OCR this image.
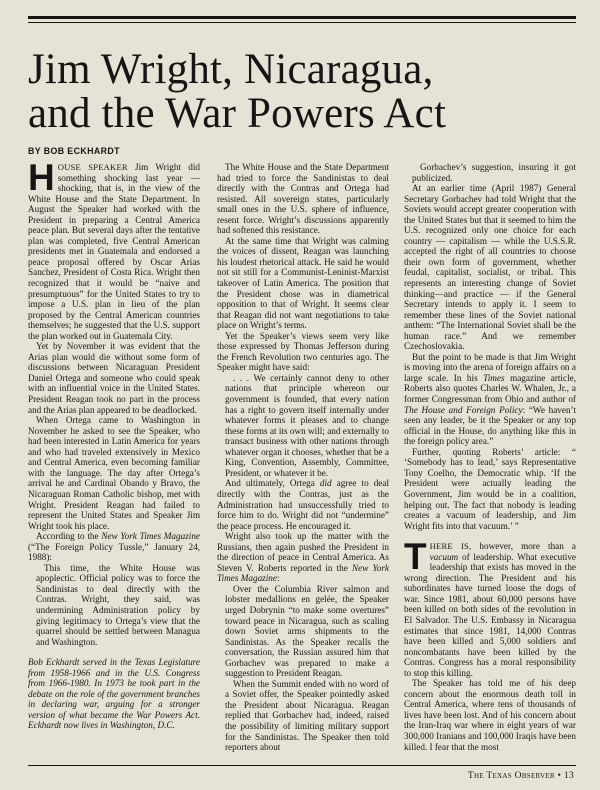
Jim Wright, Nicaragua,
and the War Powers Act
BY BOB ECKHARDT

HOUSE SPEAKER Jim Wright did something shocking last year — shocking, that is, in the view of the White House and the State Department. In August the Speaker had worked with the President in preparing a Central America peace plan. But several days after the tentative plan was completed, five Central American presidents met in Guatemala and endorsed a peace proposal offered by Oscar Arias Sanchez, President of Costa Rica. Wright then recognized that it would be “naive and presumptuous” for the United States to try to impose a U.S. plan in lieu of the plan proposed by the Central American countries themselves; he suggested that the U.S. support the plan worked out in Guatemala City.

Yet by November it was evident that the Arias plan would die without some form of discussions between Nicaraguan President Daniel Ortega and someone who could speak with an influential voice in the United States. President Reagan took no part in the process and the Arias plan appeared to be deadlocked.

When Ortega came to Washington in November he asked to see the Speaker, who had been interested in Latin America for years and who had traveled extensively in Mexico and Central America, even becoming familiar with the language. The day after Ortega’s arrival he and Cardinal Obando y Bravo, the Nicaraguan Roman Catholic bishop, met with Wright. President Reagan had failed to represent the United States and Speaker Jim Wright took his place.

According to the New York Times Magazine (“The Foreign Policy Tussle,” January 24, 1988):

This time, the White House was apoplectic. Official policy was to force the Sandinistas to deal directly with the Contras. Wright, they said, was undermining Administration policy by giving legitimacy to Ortega’s view that the quarrel should be settled between Managua and Washington.

Bob Eckhardt served in the Texas Legislature from 1958-1966 and in the U.S. Congress from 1966-1980. In 1973 he took part in the debate on the role of the government branches in declaring war, arguing for a stronger version of what became the War Powers Act. Eckhardt now lives in Washington, D.C.

The White House and the State Department had tried to force the Sandinistas to deal directly with the Contras and Ortega had resisted. All sovereign states, particularly small ones in the U.S. sphere of influence, resent force. Wright’s discussions apparently had softened this resistance.

At the same time that Wright was calming the voices of dissent, Reagan was launching his loudest rhetorical attack. He said he would not sit still for a Communist-Leninist-Marxist takeover of Latin America. The position that the President chose was in diametrical opposition to that of Wright. It seems clear that Reagan did not want negotiations to take place on Wright’s terms.

Yet the Speaker’s views seem very like those expressed by Thomas Jefferson during the French Revolution two centuries ago. The Speaker might have said:

. . . We certainly cannot deny to other nations that principle whereon our government is founded, that every nation has a right to govern itself internally under whatever forms it pleases and to change these forms at its own will; and externally to transact business with other nations through whatever organ it chooses, whether that be a King, Convention, Assembly, Committee, President, or whatever it be.

And ultimately, Ortega did agree to deal directly with the Contras, just as the Administration had unsuccessfully tried to force him to do. Wright did not “undermine” the peace process. He encouraged it.

Wright also took up the matter with the Russians, then again pushed the President in the direction of peace in Central America. As Steven V. Roberts reported in the New York Times Magazine:

Over the Columbia River salmon and lobster medallions en gelée, the Speaker urged Dobrynin “to make some overtures” toward peace in Nicaragua, such as scaling down Soviet arms shipments to the Sandinistas. As the Speaker recalls the conversation, the Russian assured him that Gorbachev was prepared to make a suggestion to President Reagan.

When the Summit ended with no word of a Soviet offer, the Speaker pointedly asked the President about Nicaragua. Reagan replied that Gorbachev had, indeed, raised the possibility of limiting military support for the Sandinistas. The Speaker then told reporters about

Gorbachev’s suggestion, insuring it got publicized.

At an earlier time (April 1987) General Secretary Gorbachev had told Wright that the Soviets would accept greater cooperation with the United States but that it seemed to him the U.S. recognized only one choice for each country — capitalism — while the U.S.S.R. accepted the right of all countries to choose their own form of government, whether feudal, capitalist, socialist, or tribal. This represents an interesting change of Soviet thinking—and practice — if the General Secretary intends to apply it. I seem to remember these lines of the Soviet national anthem: “The International Soviet shall be the human race.” And we remember Czechoslovakia.

But the point to be made is that Jim Wright is moving into the arena of foreign affairs on a large scale. In his Times magazine article, Roberts also quotes Charles W. Whalen, Jr., a former Congressman from Ohio and author of The House and Foreign Policy: “We haven’t seen any leader, be it the Speaker or any top official in the House, do anything like this in the foreign policy area.”

Further, quoting Roberts’ article: “ ‘Somebody has to lead,’ says Representative Tony Coelho, the Democratic whip. ‘If the President were actually leading the Government, Jim would be in a coalition, helping out. The fact that nobody is leading creates a vacuum of leadership, and Jim Wright fits into that vacuum.’ ”

THERE IS, however, more than a vacuum of leadership. What executive leadership that exists has moved in the wrong direction. The President and his subordinates have turned loose the dogs of war. Since 1981, about 60,000 persons have been killed on both sides of the revolution in El Salvador. The U.S. Embassy in Nicaragua estimates that since 1981, 14,000 Contras have been killed and 5,000 soldiers and noncombatants have been killed by the Contras. Congress has a moral responsibility to stop this killing.

The Speaker has told me of his deep concern about the enormous death toll in Central America, where tens of thousands of lives have been lost. And of his concern about the Iran-Iraq war where in eight years of war 300,000 Iranians and 100,000 Iraqis have been killed. I fear that the most

The Texas Observer • 13
